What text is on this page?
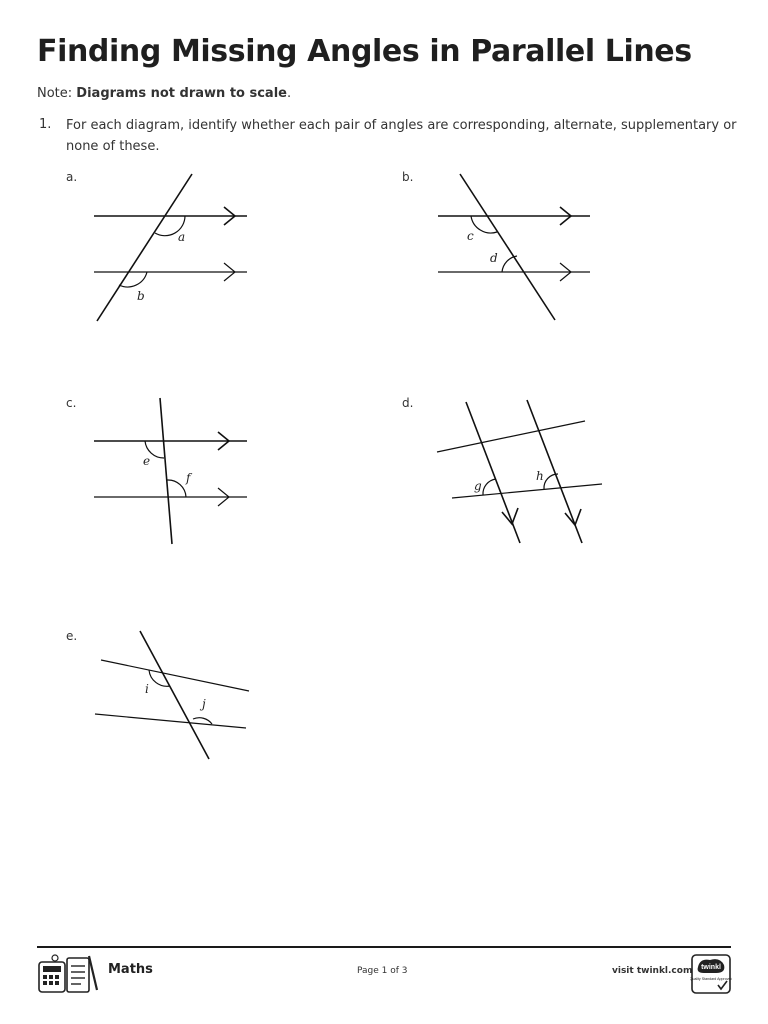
Finding Missing Angles in Parallel Lines
Note: Diagrams not drawn to scale.
1. For each diagram, identify whether each pair of angles are corresponding, alternate, supplementary or none of these.
a.
a
b
b.
c
d
c.
e
f
d.
g
h
e.
i
j
Maths	Page 1 of 3	visit twinkl.com twinkl
Quality Standard Approved
